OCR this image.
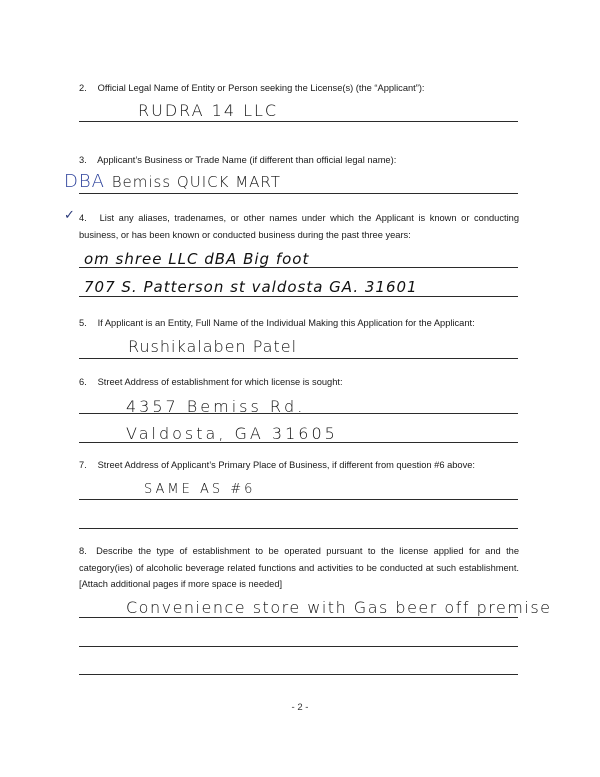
2. Official Legal Name of Entity or Person seeking the License(s) (the “Applicant”):
RUDRA 14 LLC
3. Applicant’s Business or Trade Name (if different than official legal name):
DBA Bemiss QUICK MART
✓ 4. List any aliases, tradenames, or other names under which the Applicant is known or conducting business, or has been known or conducted business during the past three years:
om shree LLC dBA Big foot
707 S. Patterson st valdosta GA. 31601
5. If Applicant is an Entity, Full Name of the Individual Making this Application for the Applicant:
Rushikalaben Patel
6. Street Address of establishment for which license is sought:
4357 Bemiss Rd.
Valdosta, GA 31605
7. Street Address of Applicant’s Primary Place of Business, if different from question #6 above:
SAME AS #6
8. Describe the type of establishment to be operated pursuant to the license applied for and the category(ies) of alcoholic beverage related functions and activities to be conducted at such establishment. [Attach additional pages if more space is needed]
Convenience store with Gas beer off premise
- 2 -
